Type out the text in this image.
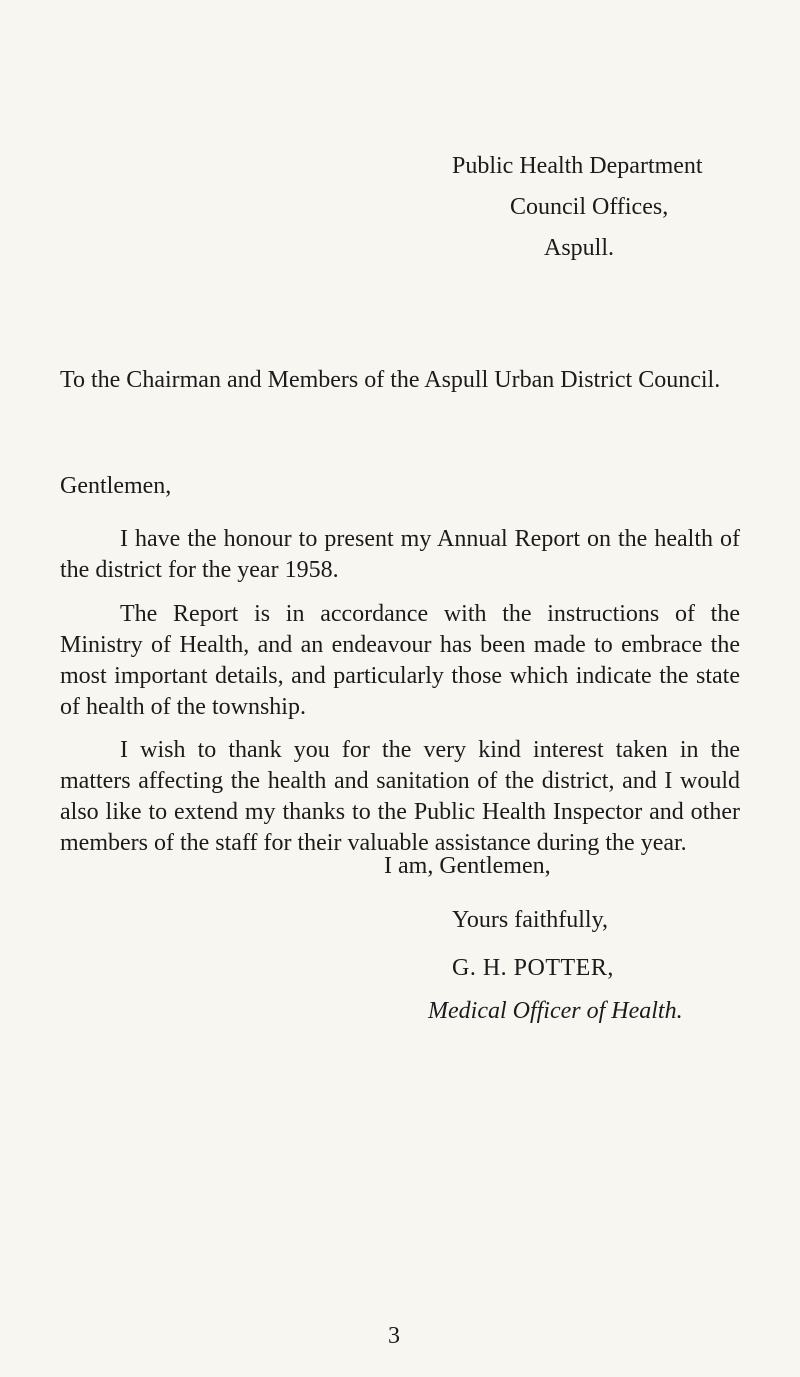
Public Health Department
Council Offices,
Aspull.
To the Chairman and Members of the Aspull Urban District Council.
Gentlemen,

I have the honour to present my Annual Report on the health of the district for the year 1958.

The Report is in accordance with the instructions of the Ministry of Health, and an endeavour has been made to embrace the most important details, and particularly those which indicate the state of health of the township.

I wish to thank you for the very kind interest taken in the matters affecting the health and sanitation of the district, and I would also like to extend my thanks to the Public Health Inspector and other members of the staff for their valuable assistance during the year.

I am, Gentlemen,
Yours faithfully,
G. H. POTTER,
Medical Officer of Health.
3
